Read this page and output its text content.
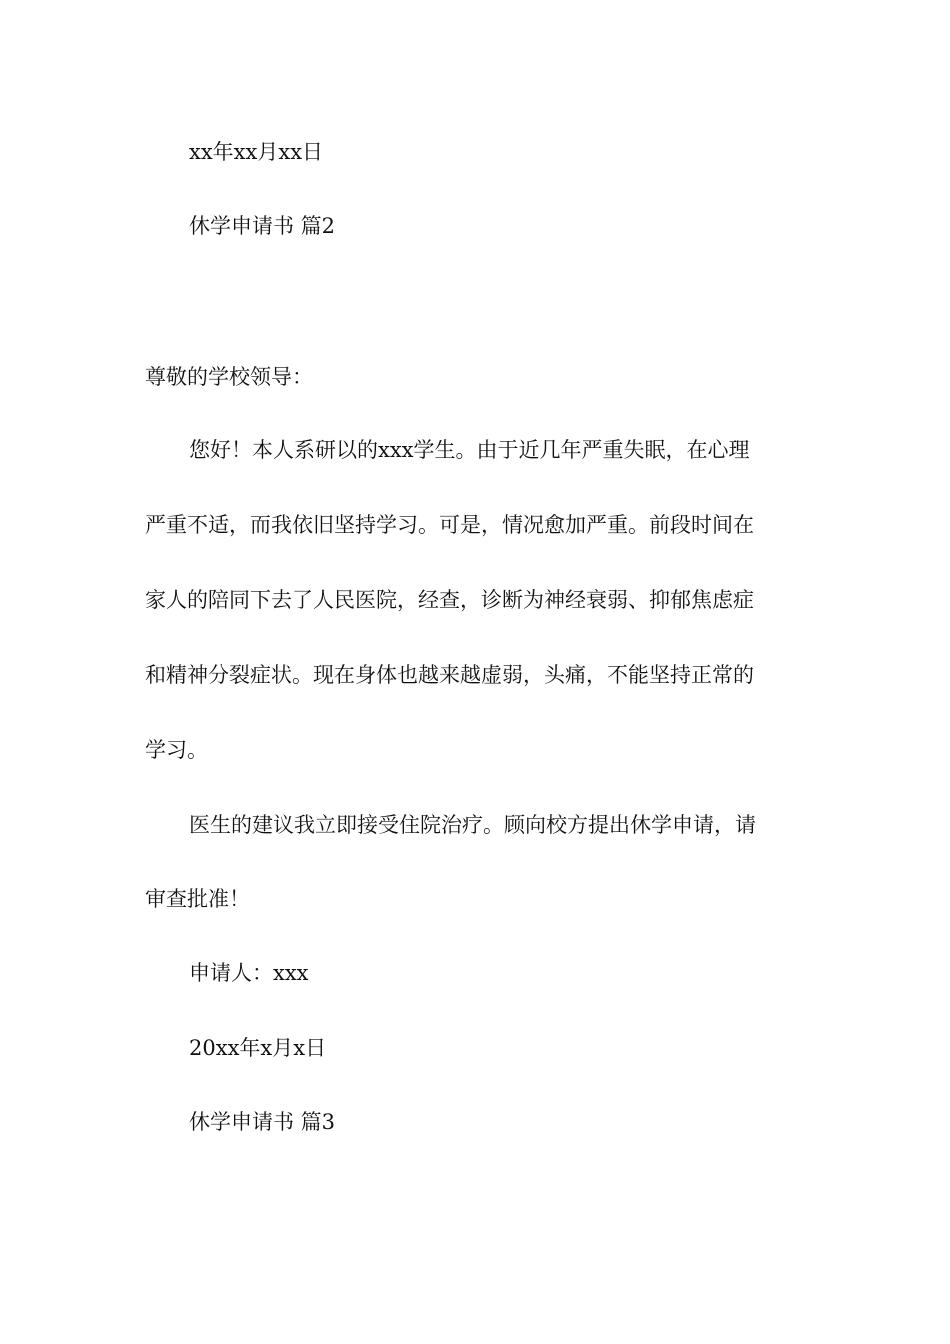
xx年xx月xx日
休学申请书 篇2
尊敬的学校领导：
您好！本人系研以的xxx学生。由于近几年严重失眠，在心理
严重不适，而我依旧坚持学习。可是，情况愈加严重。前段时间在
家人的陪同下去了人民医院，经查，诊断为神经衰弱、抑郁焦虑症
和精神分裂症状。现在身体也越来越虚弱，头痛，不能坚持正常的
学习。
医生的建议我立即接受住院治疗。顾向校方提出休学申请，请
审查批准！
申请人：xxx
20xx年x月x日
休学申请书 篇3
